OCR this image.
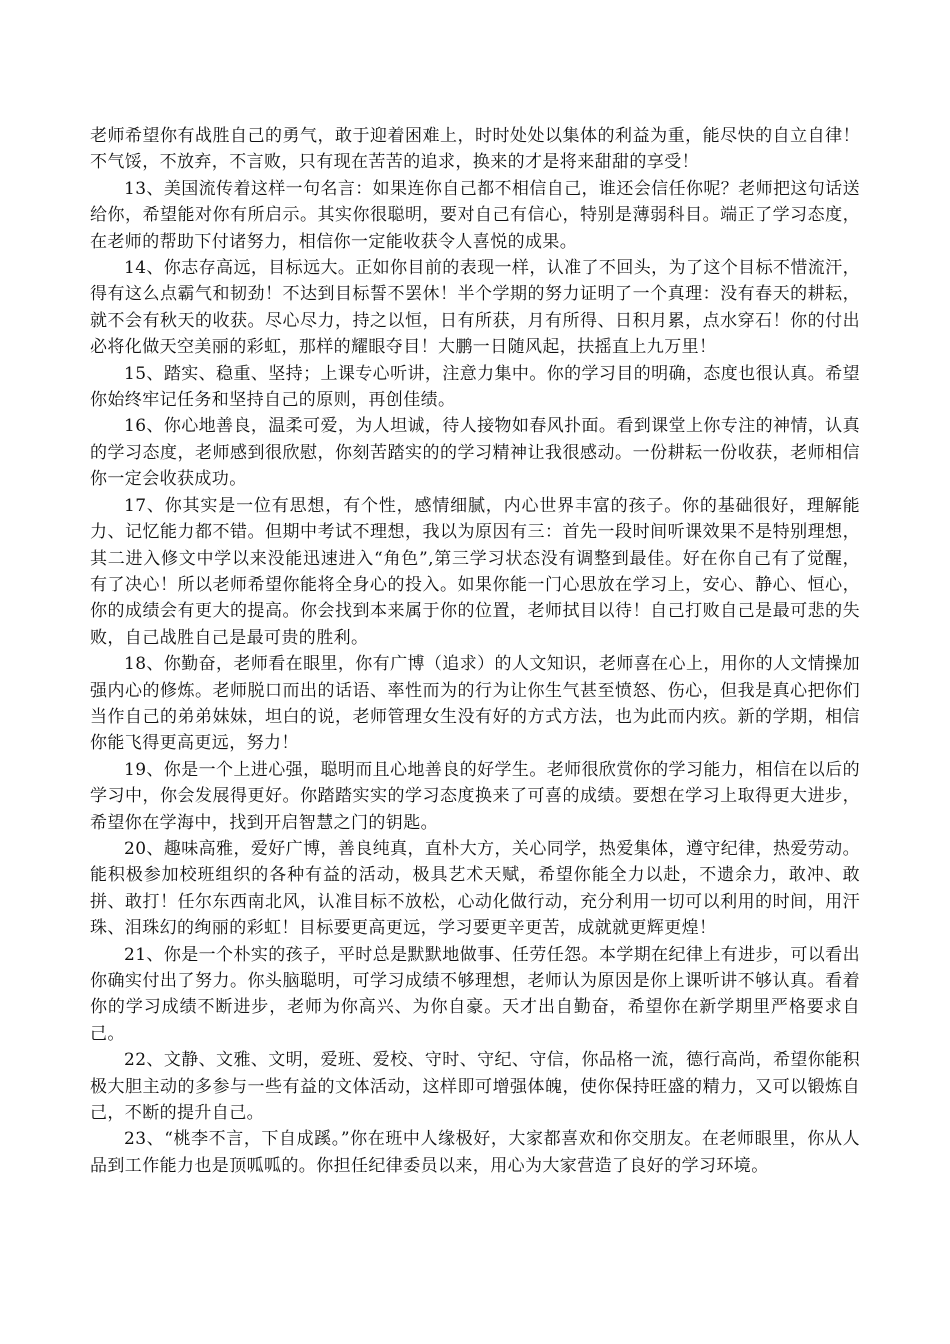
老师希望你有战胜自己的勇气，敢于迎着困难上，时时处处以集体的利益为重，能尽快的自立自律！不气馁，不放弃，不言败，只有现在苦苦的追求，换来的才是将来甜甜的享受！

13、美国流传着这样一句名言：如果连你自己都不相信自己，谁还会信任你呢？老师把这句话送给你，希望能对你有所启示。其实你很聪明，要对自己有信心，特别是薄弱科目。端正了学习态度，在老师的帮助下付诸努力，相信你一定能收获令人喜悦的成果。

14、你志存高远，目标远大。正如你目前的表现一样，认准了不回头，为了这个目标不惜流汗，得有这么点霸气和韧劲！不达到目标誓不罢休！半个学期的努力证明了一个真理：没有春天的耕耘，就不会有秋天的收获。尽心尽力，持之以恒，日有所获，月有所得、日积月累，点水穿石！你的付出必将化做天空美丽的彩虹，那样的耀眼夺目！大鹏一日随风起，扶摇直上九万里！

15、踏实、稳重、坚持；上课专心听讲，注意力集中。你的学习目的明确，态度也很认真。希望你始终牢记任务和坚持自己的原则，再创佳绩。

16、你心地善良，温柔可爱，为人坦诚，待人接物如春风扑面。看到课堂上你专注的神情，认真的学习态度，老师感到很欣慰，你刻苦踏实的的学习精神让我很感动。一份耕耘一份收获，老师相信你一定会收获成功。

17、你其实是一位有思想，有个性，感情细腻，内心世界丰富的孩子。你的基础很好，理解能力、记忆能力都不错。但期中考试不理想，我以为原因有三：首先一段时间听课效果不是特别理想，其二进入修文中学以来没能迅速进入“角色”,第三学习状态没有调整到最佳。好在你自己有了觉醒，有了决心！所以老师希望你能将全身心的投入。如果你能一门心思放在学习上，安心、静心、恒心，你的成绩会有更大的提高。你会找到本来属于你的位置，老师拭目以待！自己打败自己是最可悲的失败，自己战胜自己是最可贵的胜利。

18、你勤奋，老师看在眼里，你有广博（追求）的人文知识，老师喜在心上，用你的人文情操加强内心的修炼。老师脱口而出的话语、率性而为的行为让你生气甚至愤怒、伤心，但我是真心把你们当作自己的弟弟妹妹，坦白的说，老师管理女生没有好的方式方法，也为此而内疚。新的学期，相信你能飞得更高更远，努力！

19、你是一个上进心强，聪明而且心地善良的好学生。老师很欣赏你的学习能力，相信在以后的学习中，你会发展得更好。你踏踏实实的学习态度换来了可喜的成绩。要想在学习上取得更大进步，希望你在学海中，找到开启智慧之门的钥匙。

20、趣味高雅，爱好广博，善良纯真，直朴大方，关心同学，热爱集体，遵守纪律，热爱劳动。能积极参加校班组织的各种有益的活动，极具艺术天赋，希望你能全力以赴，不遗余力，敢冲、敢拼、敢打！任尔东西南北风，认准目标不放松，心动化做行动，充分利用一切可以利用的时间，用汗珠、泪珠幻的绚丽的彩虹！目标要更高更远，学习要更辛更苦，成就就更辉更煌！

21、你是一个朴实的孩子，平时总是默默地做事、任劳任怨。本学期在纪律上有进步，可以看出你确实付出了努力。你头脑聪明，可学习成绩不够理想，老师认为原因是你上课听讲不够认真。看着你的学习成绩不断进步，老师为你高兴、为你自豪。天才出自勤奋，希望你在新学期里严格要求自己。

22、文静、文雅、文明，爱班、爱校、守时、守纪、守信，你品格一流，德行高尚，希望你能积极大胆主动的多参与一些有益的文体活动，这样即可增强体魄，使你保持旺盛的精力，又可以锻炼自己，不断的提升自己。

23、“桃李不言，下自成蹊。”你在班中人缘极好，大家都喜欢和你交朋友。在老师眼里，你从人品到工作能力也是顶呱呱的。你担任纪律委员以来，用心为大家营造了良好的学习环境。
